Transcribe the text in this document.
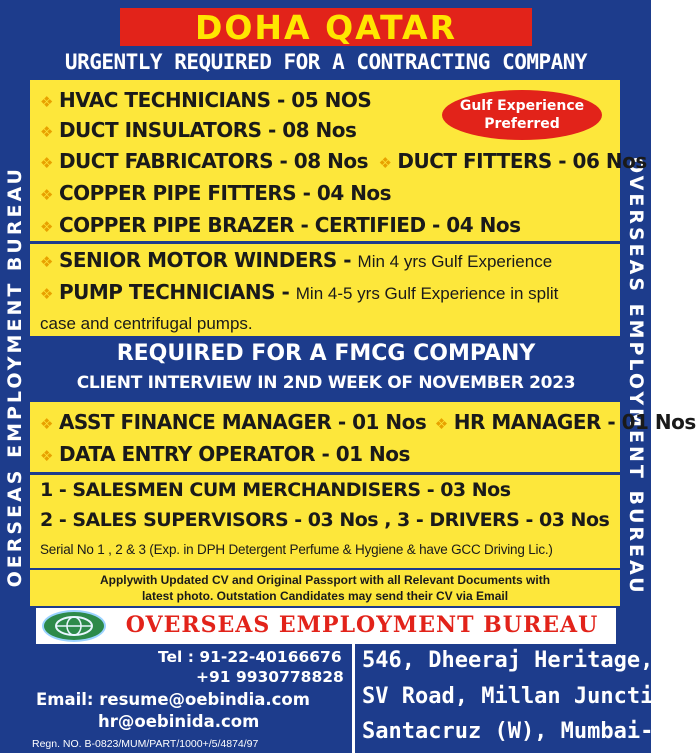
OERSEAS EMPLOYMENT BUREAU	OVERSEAS EMPLOYMENT BUREAU
DOHA QATAR
URGENTLY REQUIRED FOR A CONTRACTING COMPANY
❖ HVAC TECHNICIANS - 05 NOS
❖ DUCT INSULATORS - 08 Nos
❖ DUCT FABRICATORS - 08 Nos ❖ DUCT FITTERS - 06 Nos
❖ COPPER PIPE FITTERS - 04 Nos
❖ COPPER PIPE BRAZER - CERTIFIED - 04 Nos
Gulf Experience
Preferred
❖ SENIOR MOTOR WINDERS - Min 4 yrs Gulf Experience
❖ PUMP TECHNICIANS - Min 4-5 yrs Gulf Experience in split
case and centrifugal pumps.
REQUIRED FOR A FMCG COMPANY
CLIENT INTERVIEW IN 2ND WEEK OF NOVEMBER 2023
❖ ASST FINANCE MANAGER - 01 Nos ❖ HR MANAGER - 01 Nos
❖ DATA ENTRY OPERATOR - 01 Nos
1 - SALESMEN CUM MERCHANDISERS - 03 Nos
2 - SALES SUPERVISORS - 03 Nos , 3 - DRIVERS - 03 Nos
Serial No 1 , 2 & 3 (Exp. in DPH Detergent Perfume & Hygiene & have GCC Driving Lic.)
Applywith Updated CV and Original Passport with all Relevant Documents with
latest photo. Outstation Candidates may send their CV via Email
OVERSEAS EMPLOYMENT BUREAU
Tel : 91-22-40166676
+91 9930778828
Email: resume@oebindia.com
hr@oebinida.com
Regn. NO. B-0823/MUM/PART/1000+/5/4874/97
546, Dheeraj Heritage,
SV Road, Millan Junction,
Santacruz (W), Mumbai- 54
